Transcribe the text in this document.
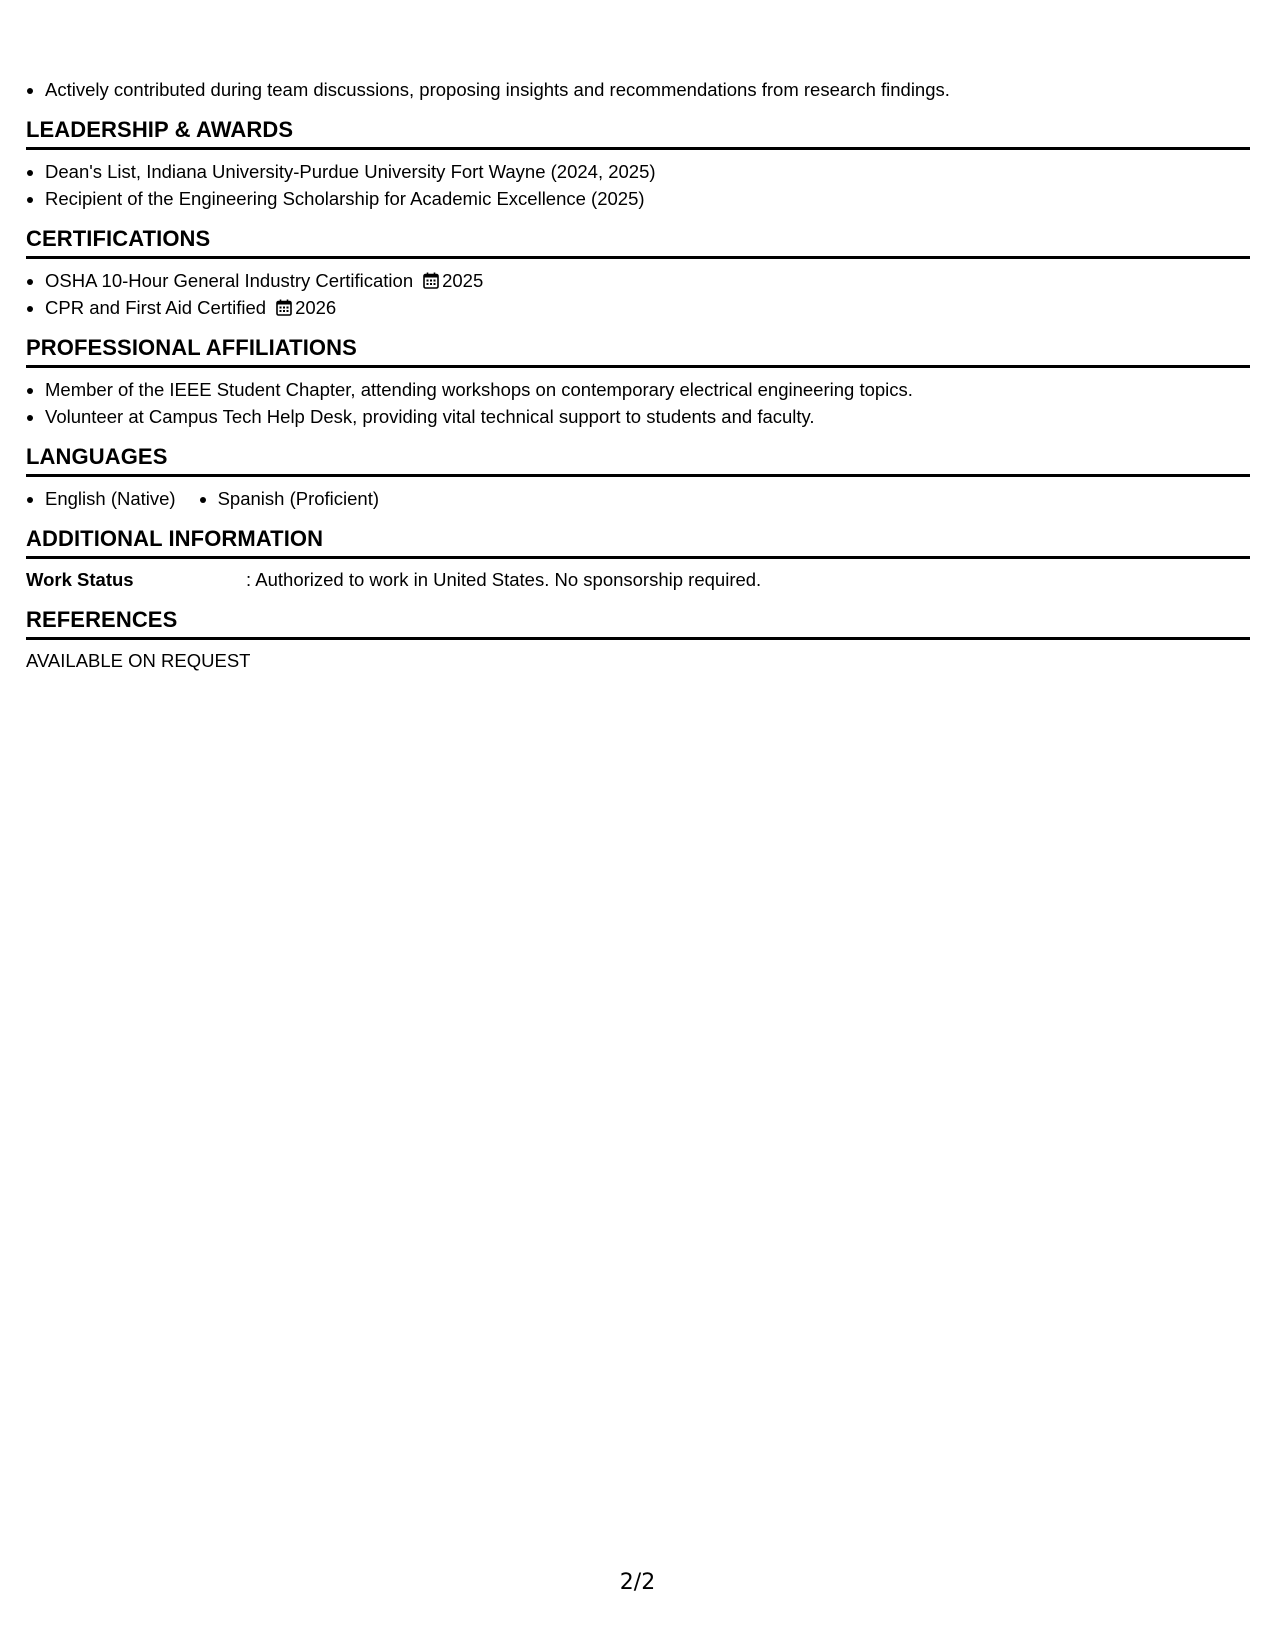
• Actively contributed during team discussions, proposing insights and recommendations from research findings.
LEADERSHIP & AWARDS
• Dean's List, Indiana University-Purdue University Fort Wayne (2024, 2025)
• Recipient of the Engineering Scholarship for Academic Excellence (2025)
CERTIFICATIONS
• OSHA 10-Hour General Industry Certification 2025
• CPR and First Aid Certified 2026
PROFESSIONAL AFFILIATIONS
• Member of the IEEE Student Chapter, attending workshops on contemporary electrical engineering topics.
• Volunteer at Campus Tech Help Desk, providing vital technical support to students and faculty.
LANGUAGES
• English (Native)
• Spanish (Proficient)
ADDITIONAL INFORMATION
Work Status	: Authorized to work in United States. No sponsorship required.
REFERENCES
AVAILABLE ON REQUEST
2/2
